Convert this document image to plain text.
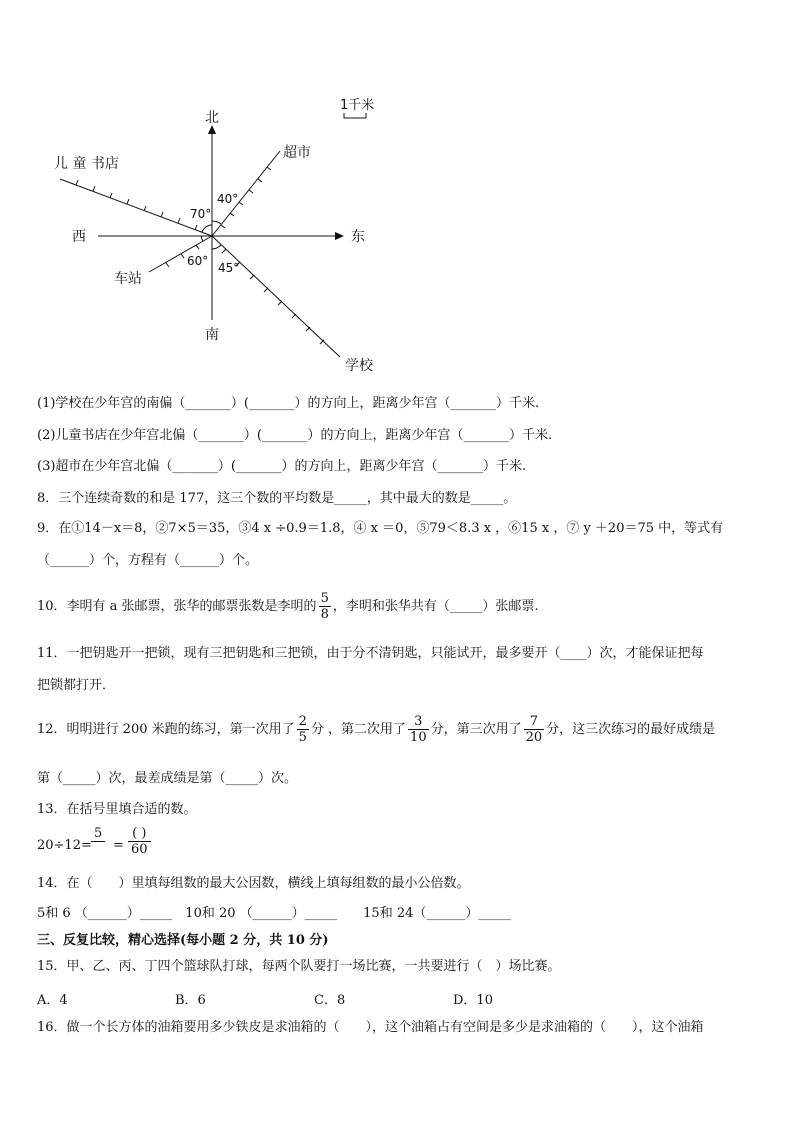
1千米
北
南
东
西
儿 童 书店
超市
车站
学校
70°
40°
60° 45°
(1)学校在少年宫的南偏（_______）(_______）的方向上，距离少年宫（_______）千米.
(2)儿童书店在少年宫北偏（_______）(_______）的方向上，距离少年宫（_______）千米.
(3)超市在少年宫北偏（_______）(_______）的方向上，距离少年宫（_______）千米.
8．三个连续奇数的和是 177，这三个数的平均数是_____，其中最大的数是_____。
9．在①14－x＝8，②7×5＝35，③4 x ÷0.9＝1.8，④ x ＝0，⑤79＜8.3 x ，⑥15 x ，⑦ y ＋20＝75 中，等式有
（______）个，方程有（______）个。
10．李明有 a 张邮票，张华的邮票张数是李明的 $\frac{5}{8}$ ，李明和张华共有（_____）张邮票.
11．一把钥匙开一把锁，现有三把钥匙和三把锁，由于分不清钥匙，只能试开，最多要开（____）次，才能保证把每
把锁都打开．
12．明明进行 200 米跑的练习，第一次用了 $\frac{2}{5}$ 分 ，第二次用了 $\frac{3}{10}$ 分，第三次用了 $\frac{7}{20}$ 分，这三次练习的最好成绩是
第（_____）次，最差成绩是第（_____）次。
13．在括号里填合适的数。
20÷12=
5
=
( )
60
14．在（　　）里填每组数的最大公因数，横线上填每组数的最小公倍数。
5和 6 （______）_____　10和 20 （______）_____　　15和 24（______）_____
三、反复比较，精心选择(每小题 2 分，共 10 分)
15．甲、乙、丙、丁四个篮球队打球，每两个队要打一场比赛，一共要进行（　）场比赛。
A．4	B．6	C．8	D．10
16．做一个长方体的油箱要用多少铁皮是求油箱的（　　），这个油箱占有空间是多少是求油箱的（　　），这个油箱
